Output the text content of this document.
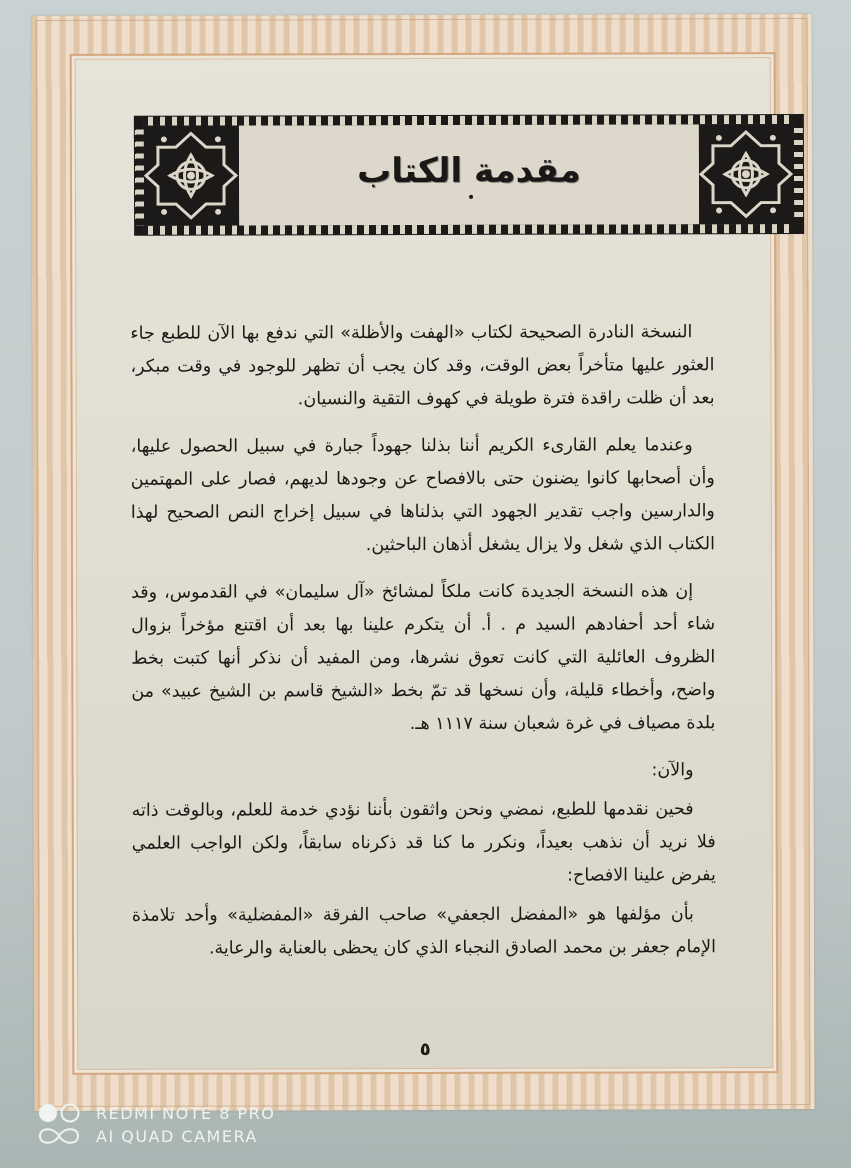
مقدمة الكتاب

النسخة النادرة الصحيحة لكتاب «الهفت والأظلة» التي ندفع بها الآن للطبع جاء العثور عليها متأخراً بعض الوقت، وقد كان يجب أن تظهر للوجود في وقت مبكر، بعد أن ظلت راقدة فترة طويلة في كهوف التقية والنسيان.

وعندما يعلم القارىء الكريم أننا بذلنا جهوداً جبارة في سبيل الحصول عليها، وأن أصحابها كانوا يضنون حتى بالافصاح عن وجودها لديهم، فصار على المهتمين والدارسين واجب تقدير الجهود التي بذلناها في سبيل إخراج النص الصحيح لهذا الكتاب الذي شغل ولا يزال يشغل أذهان الباحثين.

إن هذه النسخة الجديدة كانت ملكاً لمشائخ «آل سليمان» في القدموس، وقد شاء أحد أحفادهم السيد م . أ. أن يتكرم علينا بها بعد أن اقتنع مؤخراً بزوال الظروف العائلية التي كانت تعوق نشرها، ومن المفيد أن نذكر أنها كتبت بخط واضح، وأخطاء قليلة، وأن نسخها قد تمّ بخط «الشيخ قاسم بن الشيخ عبيد» من بلدة مصياف في غرة شعبان سنة ١١١٧ هـ.

والآن:

فحين نقدمها للطبع، نمضي ونحن واثقون بأننا نؤدي خدمة للعلم، وبالوقت ذاته فلا نريد أن نذهب بعيداً، ونكرر ما كنا قد ذكرناه سابقاً، ولكن الواجب العلمي يفرض علينا الافصاح:

بأن مؤلفها هو «المفضل الجعفي» صاحب الفرقة «المفضلية» وأحد تلامذة الإمام جعفر بن محمد الصادق النجباء الذي كان يحظى بالعناية والرعاية.

٥
REDMI NOTE 8 PRO
AI QUAD CAMERA
